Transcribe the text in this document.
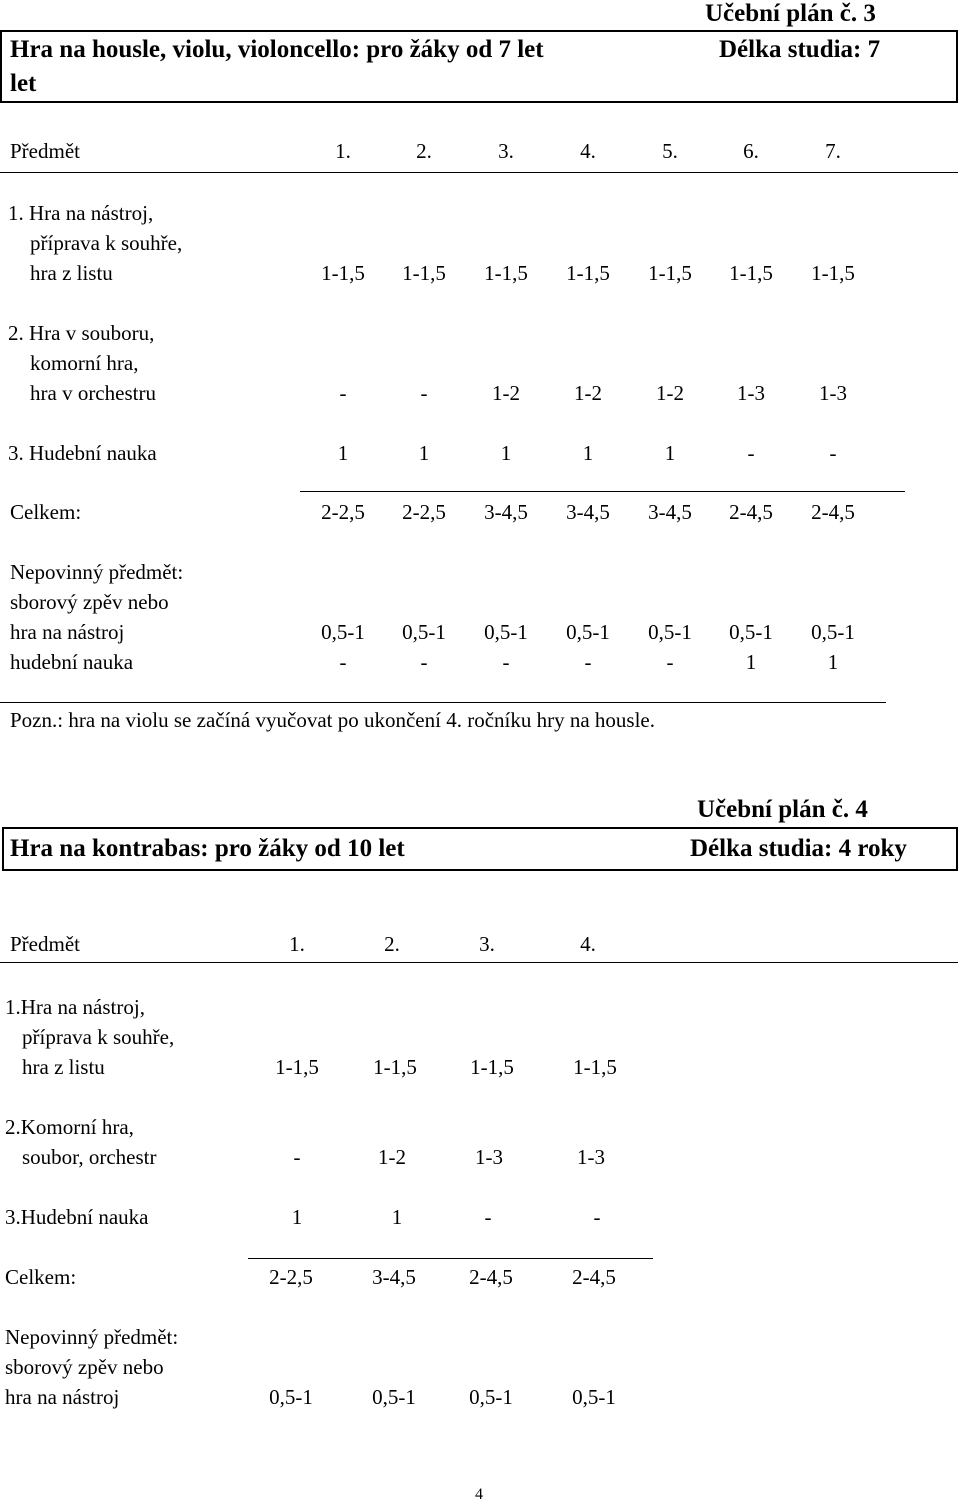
Učební plán č. 3
Hra na housle, violu, violoncello: pro žáky od 7 let	Délka studia: 7
let
Předmět	1.	2.	3.	4.	5.	6.	7.
1. Hra na nástroj,
příprava k souhře,
hra z listu	1-1,5 1-1,5 1-1,5 1-1,5 1-1,5 1-1,5 1-1,5
2. Hra v souboru,
komorní hra,
hra v orchestru	-	-	1-2	1-2	1-2	1-3	1-3
3. Hudební nauka	1	1	1	1	1	-	-
Celkem:	2-2,5 2-2,5 3-4,5 3-4,5 3-4,5 2-4,5 2-4,5
Nepovinný předmět:
sborový zpěv nebo
hra na nástroj	0,5-1 0,5-1 0,5-1 0,5-1 0,5-1 0,5-1 0,5-1
hudební nauka	-	-	-	-	-	1	1
Pozn.: hra na violu se začíná vyučovat po ukončení 4. ročníku hry na housle.
Učební plán č. 4
Hra na kontrabas: pro žáky od 10 let	Délka studia: 4 roky
Předmět	1.	2.	3.	4.
1.Hra na nástroj,
příprava k souhře,
hra z listu	1-1,5	1-1,5	1-1,5	1-1,5
2.Komorní hra,
soubor, orchestr	-	1-2	1-3	1-3
3.Hudební nauka	1	1	-	-
Celkem:	2-2,5	3-4,5	2-4,5	2-4,5
Nepovinný předmět:
sborový zpěv nebo
hra na nástroj	0,5-1	0,5-1	0,5-1	0,5-1
4
